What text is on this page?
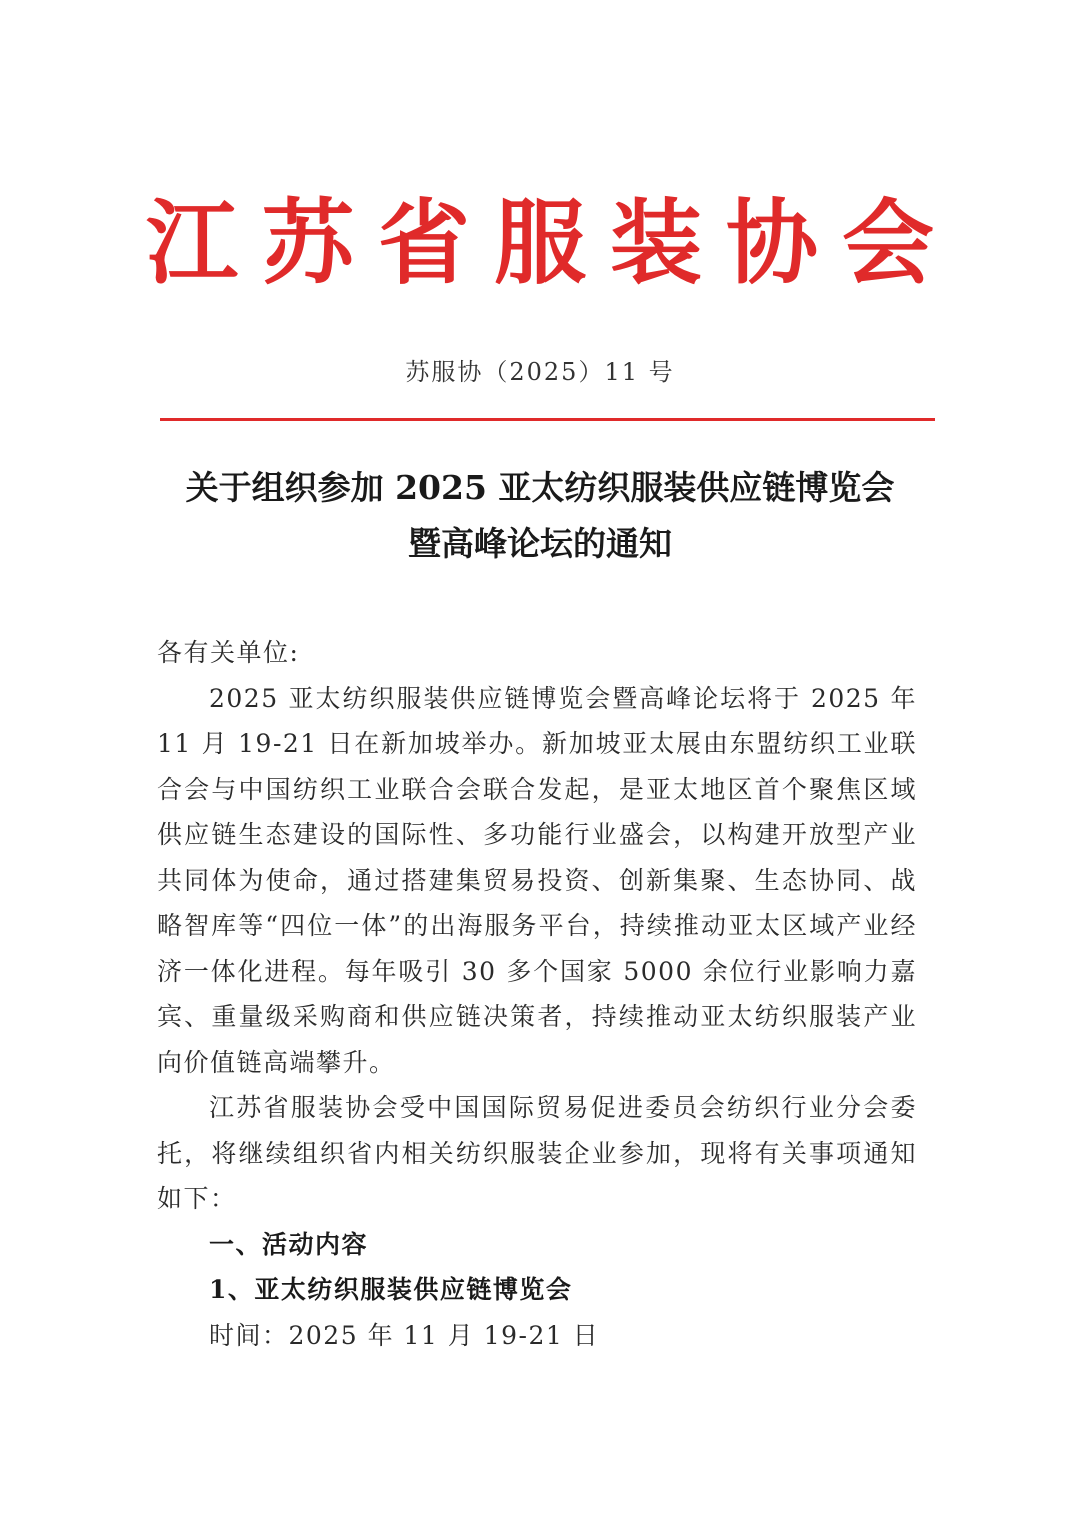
江苏省服装协会
苏服协（2025）11 号
关于组织参加 2025 亚太纺织服装供应链博览会
暨高峰论坛的通知

各有关单位:

2025 亚太纺织服装供应链博览会暨高峰论坛将于 2025 年 11 月 19-21 日在新加坡举办。新加坡亚太展由东盟纺织工业联合会与中国纺织工业联合会联合发起，是亚太地区首个聚焦区域供应链生态建设的国际性、多功能行业盛会，以构建开放型产业共同体为使命，通过搭建集贸易投资、创新集聚、生态协同、战略智库等“四位一体”的出海服务平台，持续推动亚太区域产业经济一体化进程。每年吸引 30 多个国家 5000 余位行业影响力嘉宾、重量级采购商和供应链决策者，持续推动亚太纺织服装产业向价值链高端攀升。

江苏省服装协会受中国国际贸易促进委员会纺织行业分会委托，将继续组织省内相关纺织服装企业参加，现将有关事项通知如下：

一、活动内容

1、亚太纺织服装供应链博览会

时间：2025 年 11 月 19-21 日
